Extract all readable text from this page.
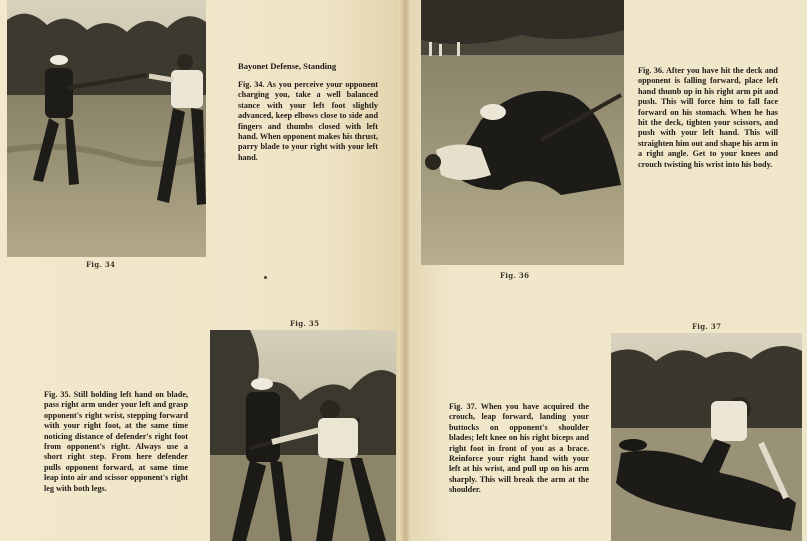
Fig. 34
Bayonet Defense, Standing

Fig. 34. As you perceive your opponent charging you, take a well balanced stance with your left foot slightly advanced, keep elbows close to side and fingers and thumbs closed with left hand. When opponent makes his thrust, parry blade to your right with your left hand.

Fig. 35

Fig. 35. Still holding left hand on blade, pass right arm under your left and grasp opponent's right wrist, stepping forward with your right foot, at the same time noticing distance of defender's right foot from opponent's right. Always use a short right step. From here defender pulls opponent forward, at same time leap into air and scissor opponent's right leg with both legs.

Fig. 36

Fig. 36. After you have hit the deck and opponent is falling forward, place left hand thumb up in his right arm pit and push. This will force him to fall face forward on his stomach. When he has hit the deck, tighten your scissors, and push with your left hand. This will straighten him out and shape his arm in a right angle. Get to your knees and crouch twisting his wrist into his body.

Fig. 37. When you have acquired the crouch, leap forward, landing your buttocks on opponent's shoulder blades; left knee on his right biceps and right foot in front of you as a brace. Reinforce your right hand with your left at his wrist, and pull up on his arm sharply. This will break the arm at the shoulder.

Fig. 37
